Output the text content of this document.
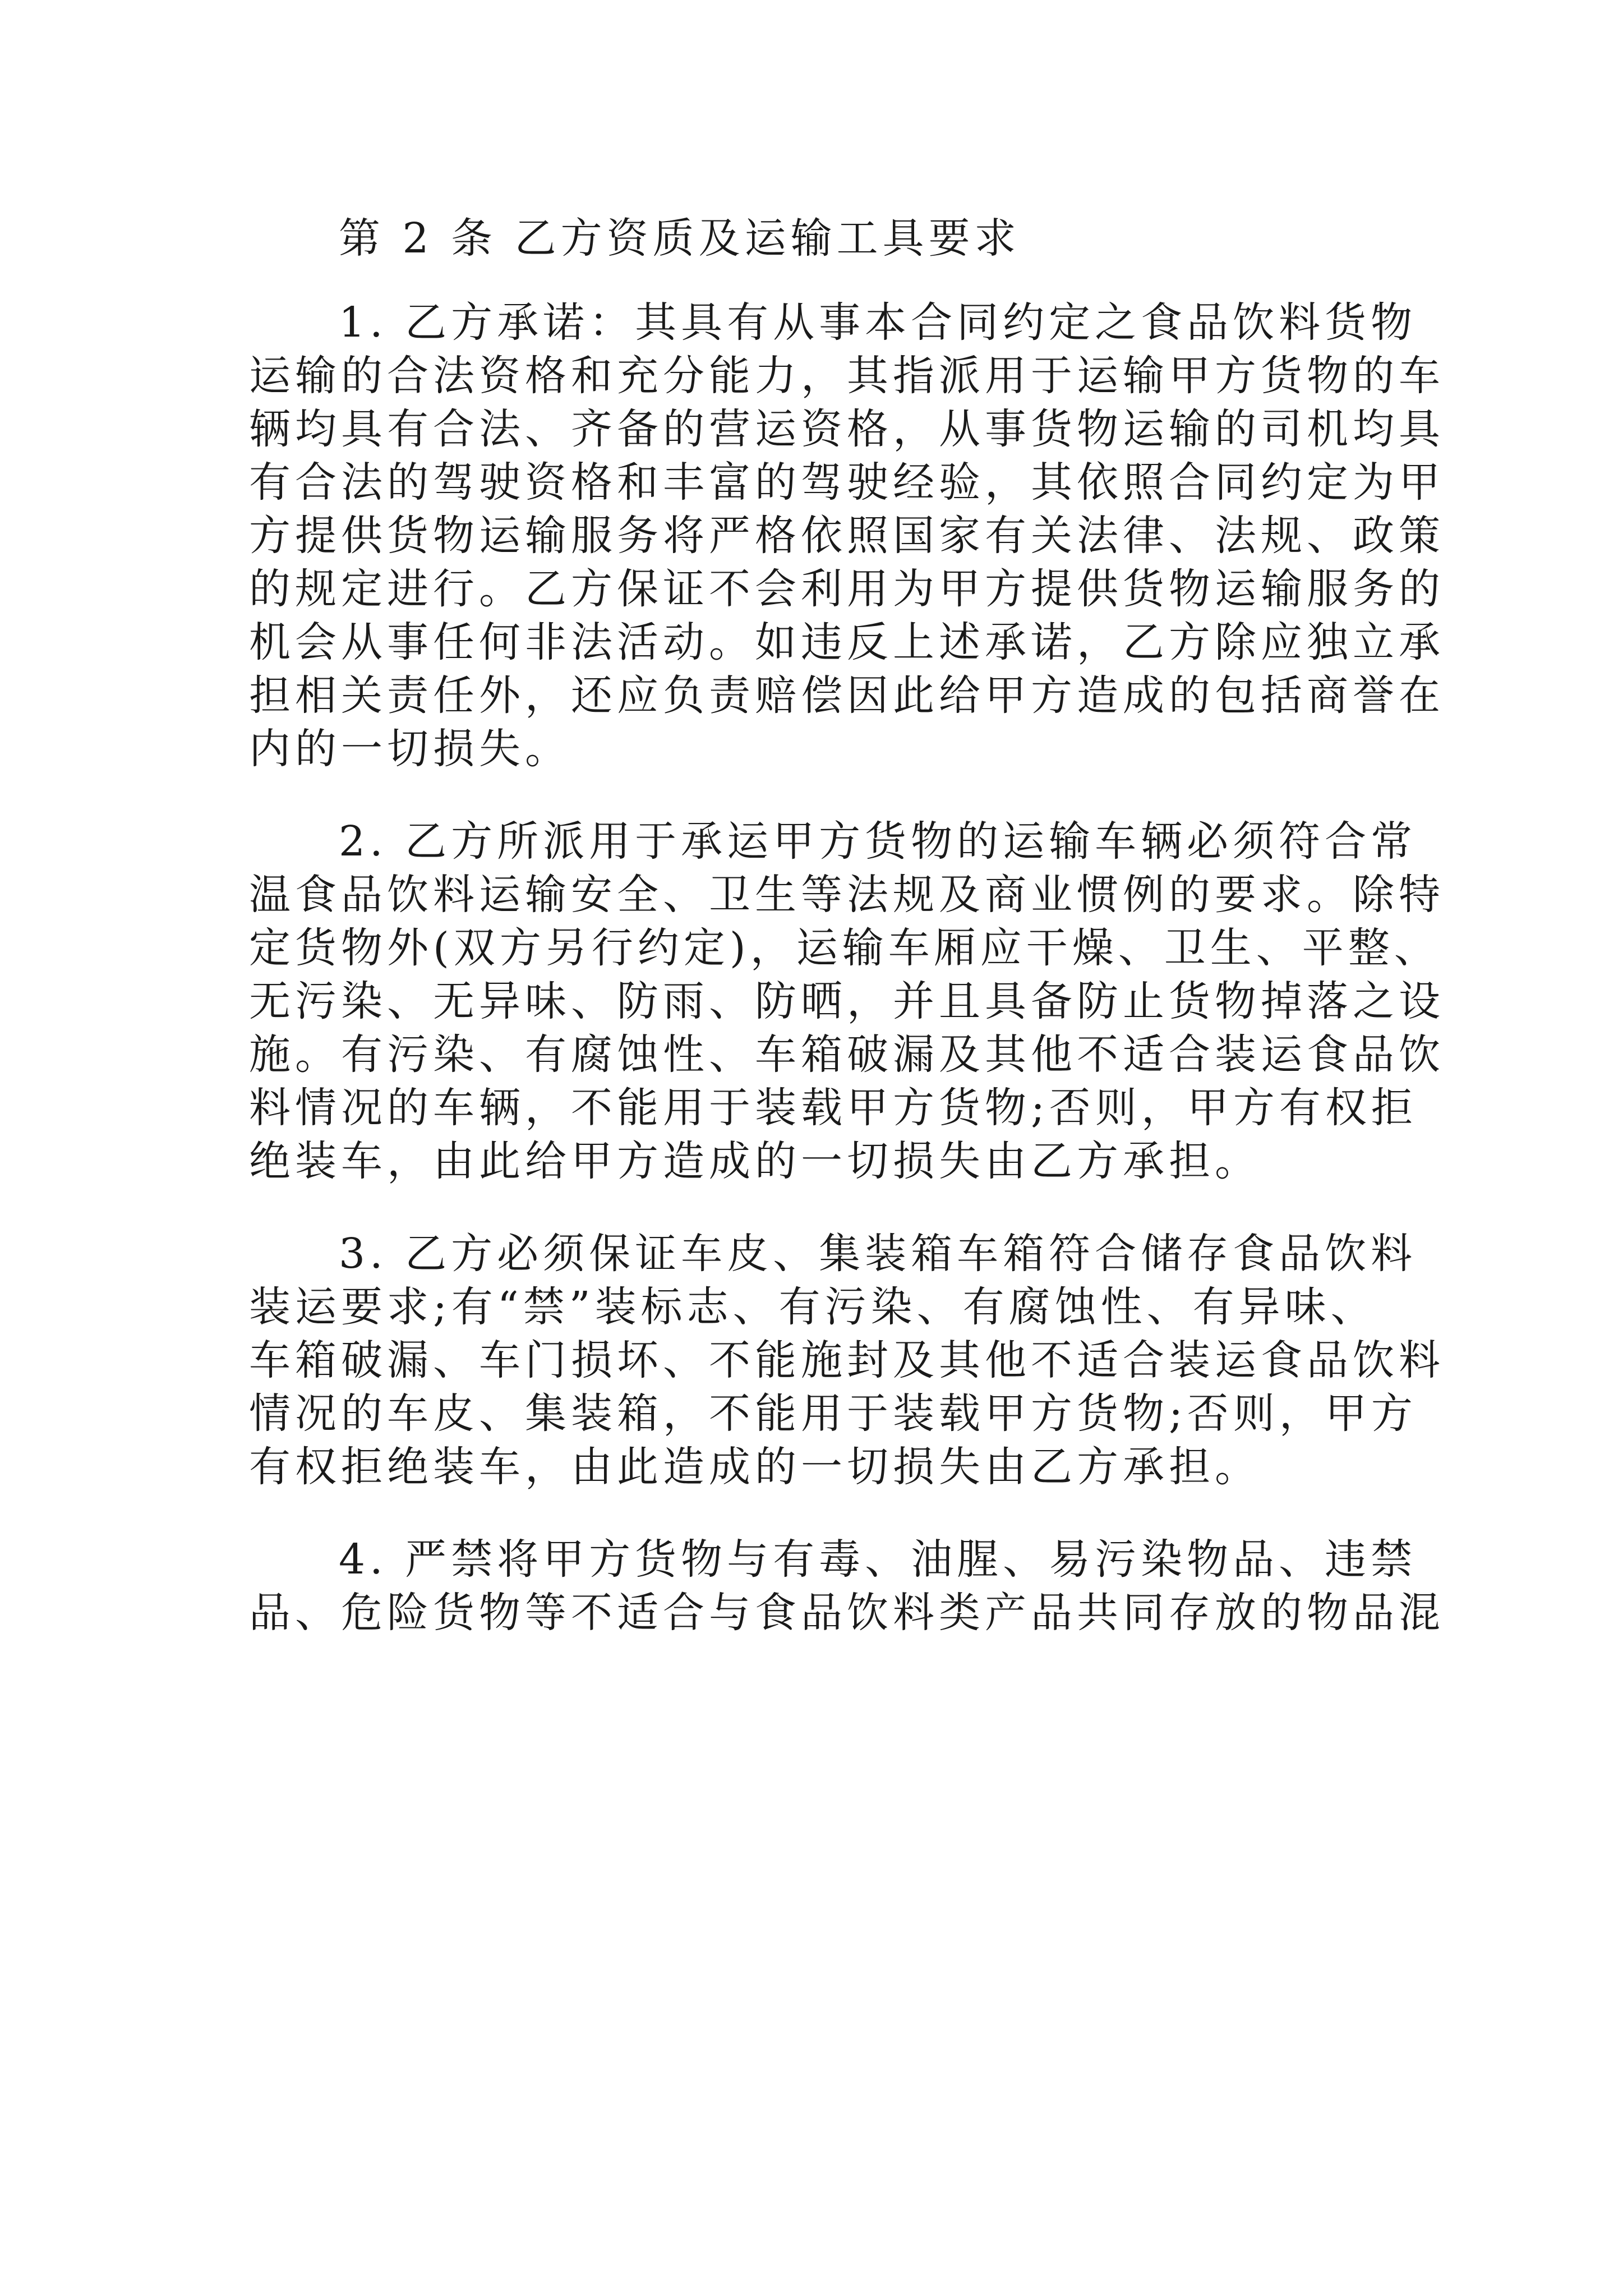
第 2 条 乙方资质及运输工具要求
1. 乙方承诺：其具有从事本合同约定之食品饮料货物
运输的合法资格和充分能力，其指派用于运输甲方货物的车
辆均具有合法、齐备的营运资格，从事货物运输的司机均具
有合法的驾驶资格和丰富的驾驶经验，其依照合同约定为甲
方提供货物运输服务将严格依照国家有关法律、法规、政策
的规定进行。乙方保证不会利用为甲方提供货物运输服务的
机会从事任何非法活动。如违反上述承诺，乙方除应独立承
担相关责任外，还应负责赔偿因此给甲方造成的包括商誉在
内的一切损失。
2. 乙方所派用于承运甲方货物的运输车辆必须符合常
温食品饮料运输安全、卫生等法规及商业惯例的要求。除特
定货物外(双方另行约定)，运输车厢应干燥、卫生、平整、
无污染、无异味、防雨、防晒，并且具备防止货物掉落之设
施。有污染、有腐蚀性、车箱破漏及其他不适合装运食品饮
料情况的车辆，不能用于装载甲方货物;否则，甲方有权拒
绝装车，由此给甲方造成的一切损失由乙方承担。
3. 乙方必须保证车皮、集装箱车箱符合储存食品饮料
装运要求;有“禁”装标志、有污染、有腐蚀性、有异味、
车箱破漏、车门损坏、不能施封及其他不适合装运食品饮料
情况的车皮、集装箱，不能用于装载甲方货物;否则，甲方
有权拒绝装车，由此造成的一切损失由乙方承担。
4. 严禁将甲方货物与有毒、油腥、易污染物品、违禁
品、危险货物等不适合与食品饮料类产品共同存放的物品混
